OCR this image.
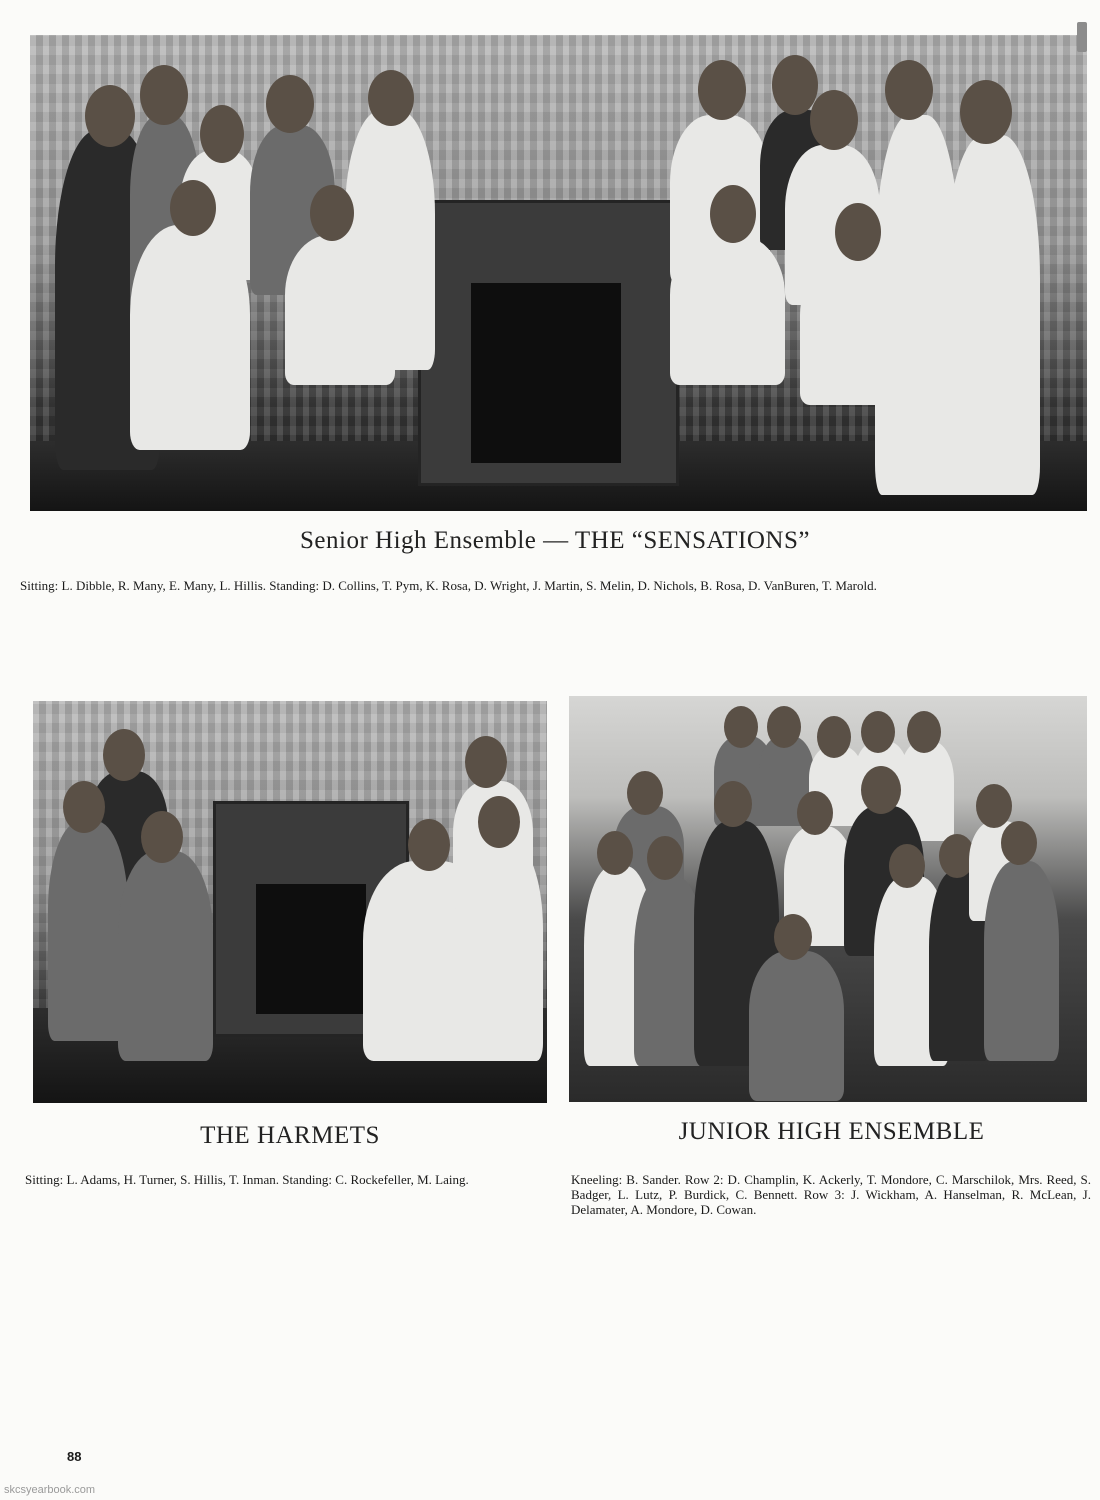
Senior High Ensemble — THE “SENSATIONS”
Sitting: L. Dibble, R. Many, E. Many, L. Hillis. Standing: D. Collins, T. Pym, K. Rosa, D. Wright, J. Martin, S. Melin, D. Nichols, B. Rosa, D. VanBuren, T. Marold.
THE HARMETS
Sitting: L. Adams, H. Turner, S. Hillis, T. Inman. Standing: C. Rockefeller, M. Laing.
JUNIOR HIGH ENSEMBLE
Kneeling: B. Sander. Row 2: D. Champlin, K. Ackerly, T. Mondore, C. Marschilok, Mrs. Reed, S. Badger, L. Lutz, P. Burdick, C. Bennett. Row 3: J. Wickham, A. Hanselman, R. McLean, J. Delamater, A. Mondore, D. Cowan.
88
skcsyearbook.com
